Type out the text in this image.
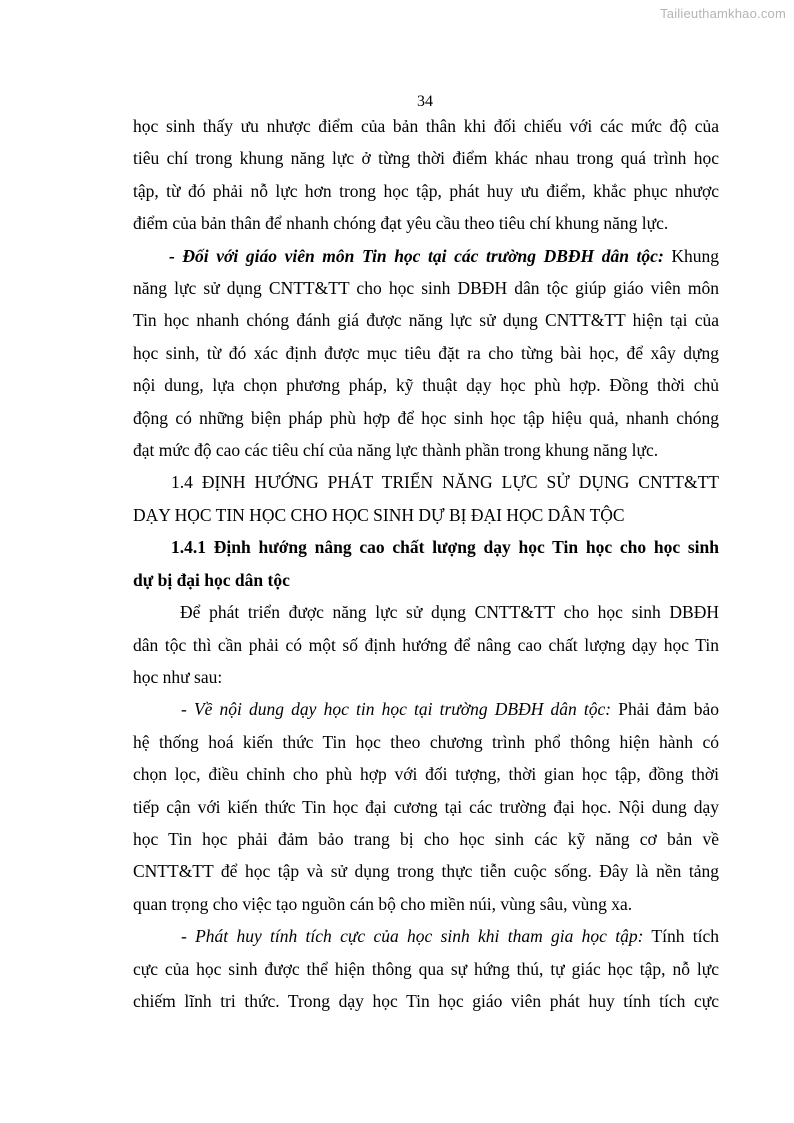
Tailieuthamkhao.com
34

học sinh thấy ưu nhược điểm của bản thân khi đối chiếu với các mức độ của
tiêu chí trong khung năng lực ở từng thời điểm khác nhau trong quá trình học
tập, từ đó phải nỗ lực hơn trong học tập, phát huy ưu điểm, khắc phục nhược
điểm của bản thân để nhanh chóng đạt yêu cầu theo tiêu chí khung năng lực.

- Đối với giáo viên môn Tin học tại các trường DBĐH dân tộc: Khung
năng lực sử dụng CNTT&TT cho học sinh DBĐH dân tộc giúp giáo viên môn
Tin học nhanh chóng đánh giá được năng lực sử dụng CNTT&TT hiện tại của
học sinh, từ đó xác định được mục tiêu đặt ra cho từng bài học, để xây dựng
nội dung, lựa chọn phương pháp, kỹ thuật dạy học phù hợp. Đồng thời chủ
động có những biện pháp phù hợp để học sinh học tập hiệu quả, nhanh chóng
đạt mức độ cao các tiêu chí của năng lực thành phần trong khung năng lực.

1.4 ĐỊNH HƯỚNG PHÁT TRIỂN NĂNG LỰC SỬ DỤNG CNTT&TT
DẠY HỌC TIN HỌC CHO HỌC SINH DỰ BỊ ĐẠI HỌC DÂN TỘC

1.4.1 Định hướng nâng cao chất lượng dạy học Tin học cho học sinh
dự bị đại học dân tộc

Để phát triển được năng lực sử dụng CNTT&TT cho học sinh DBĐH
dân tộc thì cần phải có một số định hướng để nâng cao chất lượng dạy học Tin
học như sau:

- Về nội dung dạy học tin học tại trường DBĐH dân tộc: Phải đảm bảo
hệ thống hoá kiến thức Tin học theo chương trình phổ thông hiện hành có
chọn lọc, điều chỉnh cho phù hợp với đối tượng, thời gian học tập, đồng thời
tiếp cận với kiến thức Tin học đại cương tại các trường đại học. Nội dung dạy
học Tin học phải đảm bảo trang bị cho học sinh các kỹ năng cơ bản về
CNTT&TT để học tập và sử dụng trong thực tiễn cuộc sống. Đây là nền tảng
quan trọng cho việc tạo nguồn cán bộ cho miền núi, vùng sâu, vùng xa.

- Phát huy tính tích cực của học sinh khi tham gia học tập: Tính tích
cực của học sinh được thể hiện thông qua sự hứng thú, tự giác học tập, nỗ lực
chiếm lĩnh tri thức. Trong dạy học Tin học giáo viên phát huy tính tích cực
